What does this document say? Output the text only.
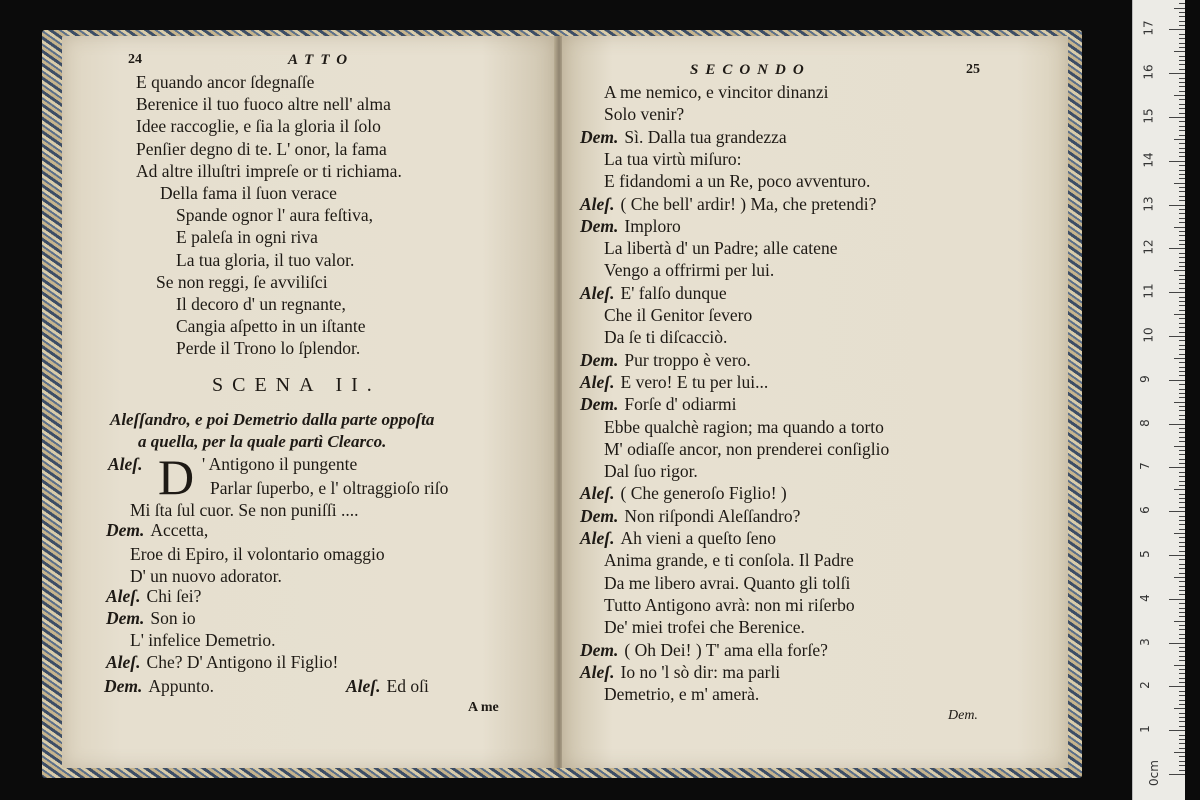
24	ATTO
E quando ancor ſdegnaſſe
Berenice il tuo fuoco altre nell' alma
Idee raccoglie, e ſia la gloria il ſolo
Penſier degno di te. L' onor, la fama
Ad altre illuſtri impreſe or ti richiama.
Della fama il ſuon verace
Spande ognor l' aura feſtiva,
E paleſa in ogni riva
La tua gloria, il tuo valor.
Se non reggi, ſe avviliſci
Il decoro d' un regnante,
Cangia aſpetto in un iſtante
Perde il Trono lo ſplendor.
SCENA II.
Aleſſandro, e poi Demetrio dalla parte oppoſta
a quella, per la quale partì Clearco.
D
Aleſ.	' Antigono il pungente
Parlar ſuperbo, e l' oltraggioſo riſo
Mi ſta ſul cuor. Se non puniſſi ....
Dem. Accetta,
Eroe di Epiro, il volontario omaggio
D' un nuovo adorator.
Aleſ. Chi ſei?
Dem. Son io
L' infelice Demetrio.
Aleſ. Che? D' Antigono il Figlio!
Dem. Appunto.	Aleſ. Ed oſi
A me
SECONDO	25
A me nemico, e vincitor dinanzi
Solo venir?
Dem. Sì. Dalla tua grandezza
La tua virtù miſuro:
E fidandomi a un Re, poco avventuro.
Aleſ. ( Che bell' ardir! ) Ma, che pretendi?
Dem. Imploro
La libertà d' un Padre; alle catene
Vengo a offrirmi per lui.
Aleſ. E' falſo dunque
Che il Genitor ſevero
Da ſe ti diſcacciò.
Dem. Pur troppo è vero.
Aleſ. E vero! E tu per lui...
Dem. Forſe d' odiarmi
Ebbe qualchè ragion; ma quando a torto
M' odiaſſe ancor, non prenderei conſiglio
Dal ſuo rigor.
Aleſ. ( Che generoſo Figlio! )
Dem. Non riſpondi Aleſſandro?
Aleſ. Ah vieni a queſto ſeno
Anima grande, e ti conſola. Il Padre
Da me libero avrai. Quanto gli tolſi
Tutto Antigono avrà: non mi riſerbo
De' miei trofei che Berenice.
Dem. ( Oh Dei! ) T' ama ella forſe?
Aleſ. Io no 'l sò dir: ma parli
Demetrio, e m' amerà.
Dem.
0cm
1
2
3
4
5
6
7
8
9
10
11
12
13
14
15
16
17
